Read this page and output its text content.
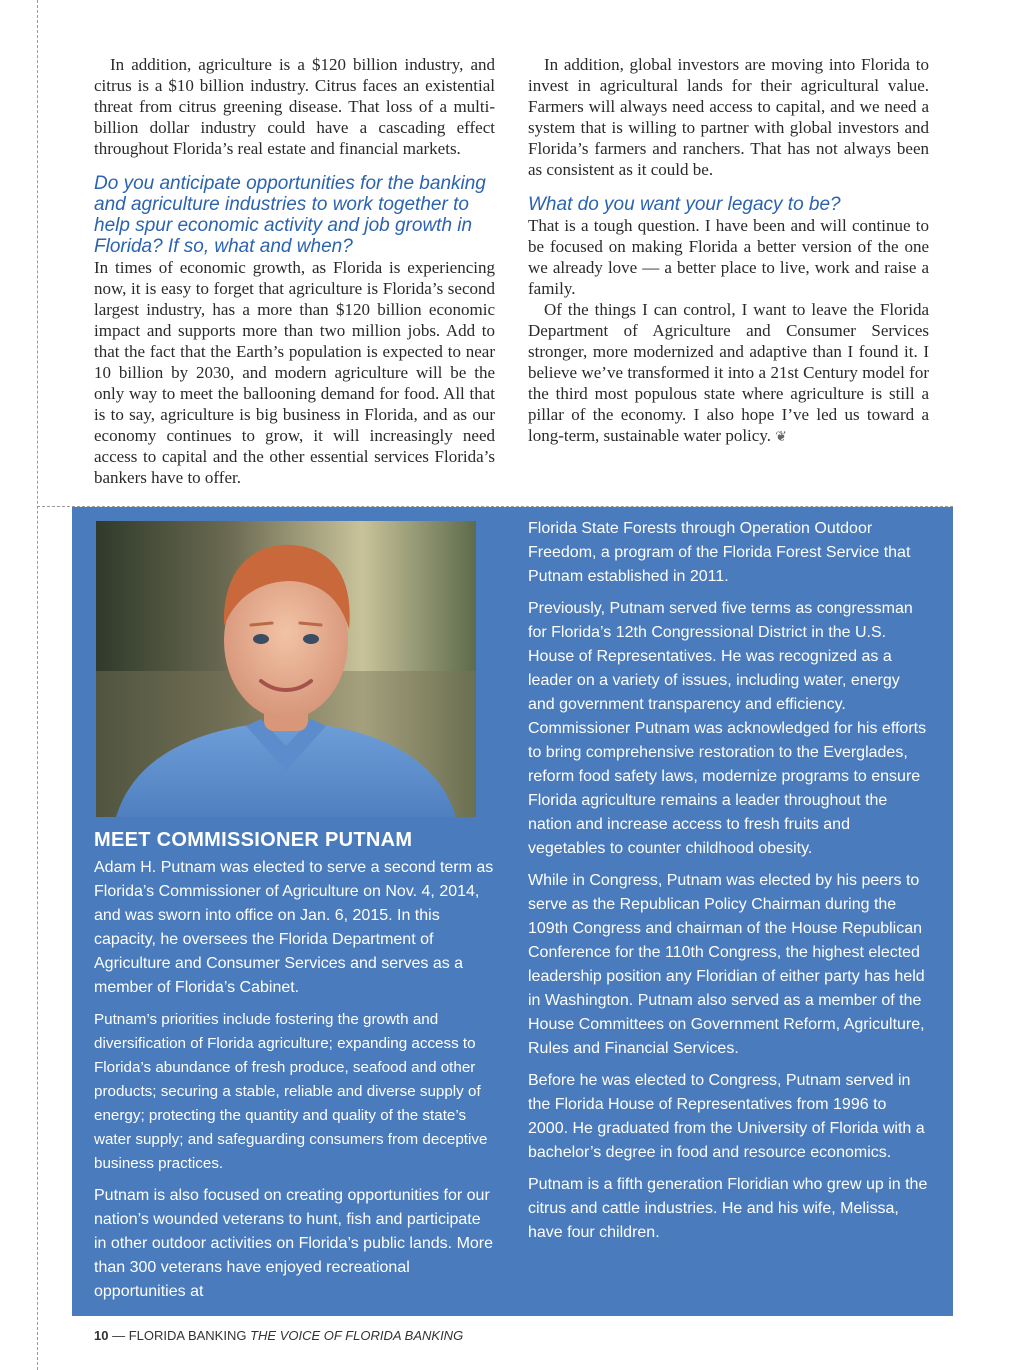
In addition, agriculture is a $120 billion industry, and citrus is a $10 billion industry. Citrus faces an existential threat from citrus greening disease. That loss of a multi-billion dollar industry could have a cascading effect throughout Florida’s real estate and financial markets.

Do you anticipate opportunities for the banking and agriculture industries to work together to help spur economic activity and job growth in Florida? If so, what and when?

In times of economic growth, as Florida is experiencing now, it is easy to forget that agriculture is Florida’s second largest industry, has a more than $120 billion economic impact and supports more than two million jobs. Add to that the fact that the Earth’s population is expected to near 10 billion by 2030, and modern agriculture will be the only way to meet the ballooning demand for food. All that is to say, agriculture is big business in Florida, and as our economy continues to grow, it will increasingly need access to capital and the other essential services Florida’s bankers have to offer.

In addition, global investors are moving into Florida to invest in agricultural lands for their agricultural value. Farmers will always need access to capital, and we need a system that is willing to partner with global investors and Florida’s farmers and ranchers. That has not always been as consistent as it could be.

What do you want your legacy to be?

That is a tough question. I have been and will continue to be focused on making Florida a better version of the one we already love — a better place to live, work and raise a family.

Of the things I can control, I want to leave the Florida Department of Agriculture and Consumer Services stronger, more modernized and adaptive than I found it. I believe we’ve transformed it into a 21st Century model for the third most populous state where agriculture is still a pillar of the economy. I also hope I’ve led us toward a long-term, sustainable water policy. ❦

MEET COMMISSIONER PUTNAM

Adam H. Putnam was elected to serve a second term as Florida’s Commissioner of Agriculture on Nov. 4, 2014, and was sworn into office on Jan. 6, 2015. In this capacity, he oversees the Florida Department of Agriculture and Consumer Services and serves as a member of Florida’s Cabinet.

Putnam’s priorities include fostering the growth and diversification of Florida agriculture; expanding access to Florida’s abundance of fresh produce, seafood and other products; securing a stable, reliable and diverse supply of energy; protecting the quantity and quality of the state’s water supply; and safeguarding consumers from deceptive business practices.

Putnam is also focused on creating opportunities for our nation’s wounded veterans to hunt, fish and participate in other outdoor activities on Florida’s public lands. More than 300 veterans have enjoyed recreational opportunities at

Florida State Forests through Operation Outdoor Freedom, a program of the Florida Forest Service that Putnam established in 2011.

Previously, Putnam served five terms as congressman for Florida’s 12th Congressional District in the U.S. House of Representatives. He was recognized as a leader on a variety of issues, including water, energy and government transparency and efficiency. Commissioner Putnam was acknowledged for his efforts to bring comprehensive restoration to the Everglades, reform food safety laws, modernize programs to ensure Florida agriculture remains a leader throughout the nation and increase access to fresh fruits and vegetables to counter childhood obesity.

While in Congress, Putnam was elected by his peers to serve as the Republican Policy Chairman during the 109th Congress and chairman of the House Republican Conference for the 110th Congress, the highest elected leadership position any Floridian of either party has held in Washington. Putnam also served as a member of the House Committees on Government Reform, Agriculture, Rules and Financial Services.

Before he was elected to Congress, Putnam served in the Florida House of Representatives from 1996 to 2000. He graduated from the University of Florida with a bachelor’s degree in food and resource economics.

Putnam is a fifth generation Floridian who grew up in the citrus and cattle industries. He and his wife, Melissa, have four children.

10 — FLORIDA BANKING THE VOICE OF FLORIDA BANKING
